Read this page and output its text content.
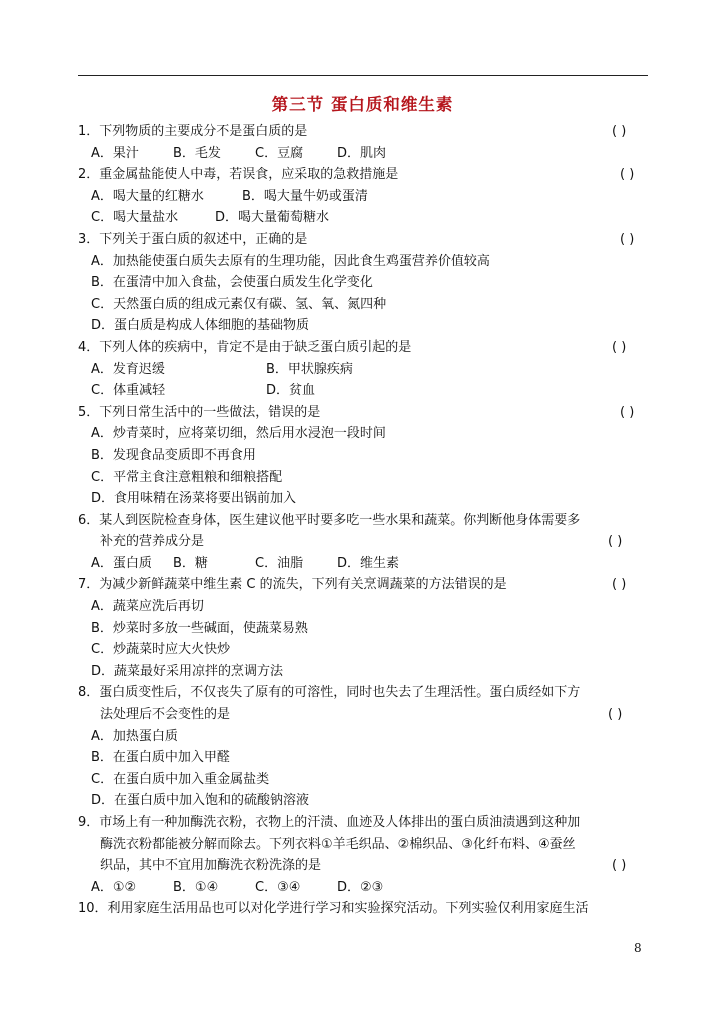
第三节 蛋白质和维生素
1．下列物质的主要成分不是蛋白质的是	( )
A．果汁	B．毛发	C．豆腐	D．肌肉
2．重金属盐能使人中毒，若误食，应采取的急救措施是	( )
A．喝大量的红糖水	B．喝大量牛奶或蛋清
C．喝大量盐水	D．喝大量葡萄糖水
3．下列关于蛋白质的叙述中，正确的是	( )
A．加热能使蛋白质失去原有的生理功能，因此食生鸡蛋营养价值较高
B．在蛋清中加入食盐，会使蛋白质发生化学变化
C．天然蛋白质的组成元素仅有碳、氢、氧、氮四种
D．蛋白质是构成人体细胞的基础物质
4．下列人体的疾病中，肯定不是由于缺乏蛋白质引起的是	( )
A．发育迟缓	B．甲状腺疾病
C．体重减轻	D．贫血
5．下列日常生活中的一些做法，错误的是	( )
A．炒青菜时，应将菜切细，然后用水浸泡一段时间
B．发现食品变质即不再食用
C．平常主食注意粗粮和细粮搭配
D．食用味精在汤菜将要出锅前加入
6．某人到医院检查身体，医生建议他平时要多吃一些水果和蔬菜。你判断他身体需要多
补充的营养成分是	( )
A．蛋白质 B．糖	C．油脂	D．维生素
7．为减少新鲜蔬菜中维生素 C 的流失，下列有关烹调蔬菜的方法错误的是	( )
A．蔬菜应洗后再切
B．炒菜时多放一些碱面，使蔬菜易熟
C．炒蔬菜时应大火快炒
D．蔬菜最好采用凉拌的烹调方法
8．蛋白质变性后，不仅丧失了原有的可溶性，同时也失去了生理活性。蛋白质经如下方
法处理后不会变性的是	( )
A．加热蛋白质
B．在蛋白质中加入甲醛
C．在蛋白质中加入重金属盐类
D．在蛋白质中加入饱和的硫酸钠溶液
9．市场上有一种加酶洗衣粉，衣物上的汗渍、血迹及人体排出的蛋白质油渍遇到这种加
酶洗衣粉都能被分解而除去。下列衣料①羊毛织品、②棉织品、③化纤布料、④蚕丝
织品，其中不宜用加酶洗衣粉洗涤的是	( )
A．①②	B．①④	C．③④	D．②③
10．利用家庭生活用品也可以对化学进行学习和实验探究活动。下列实验仅利用家庭生活
8
